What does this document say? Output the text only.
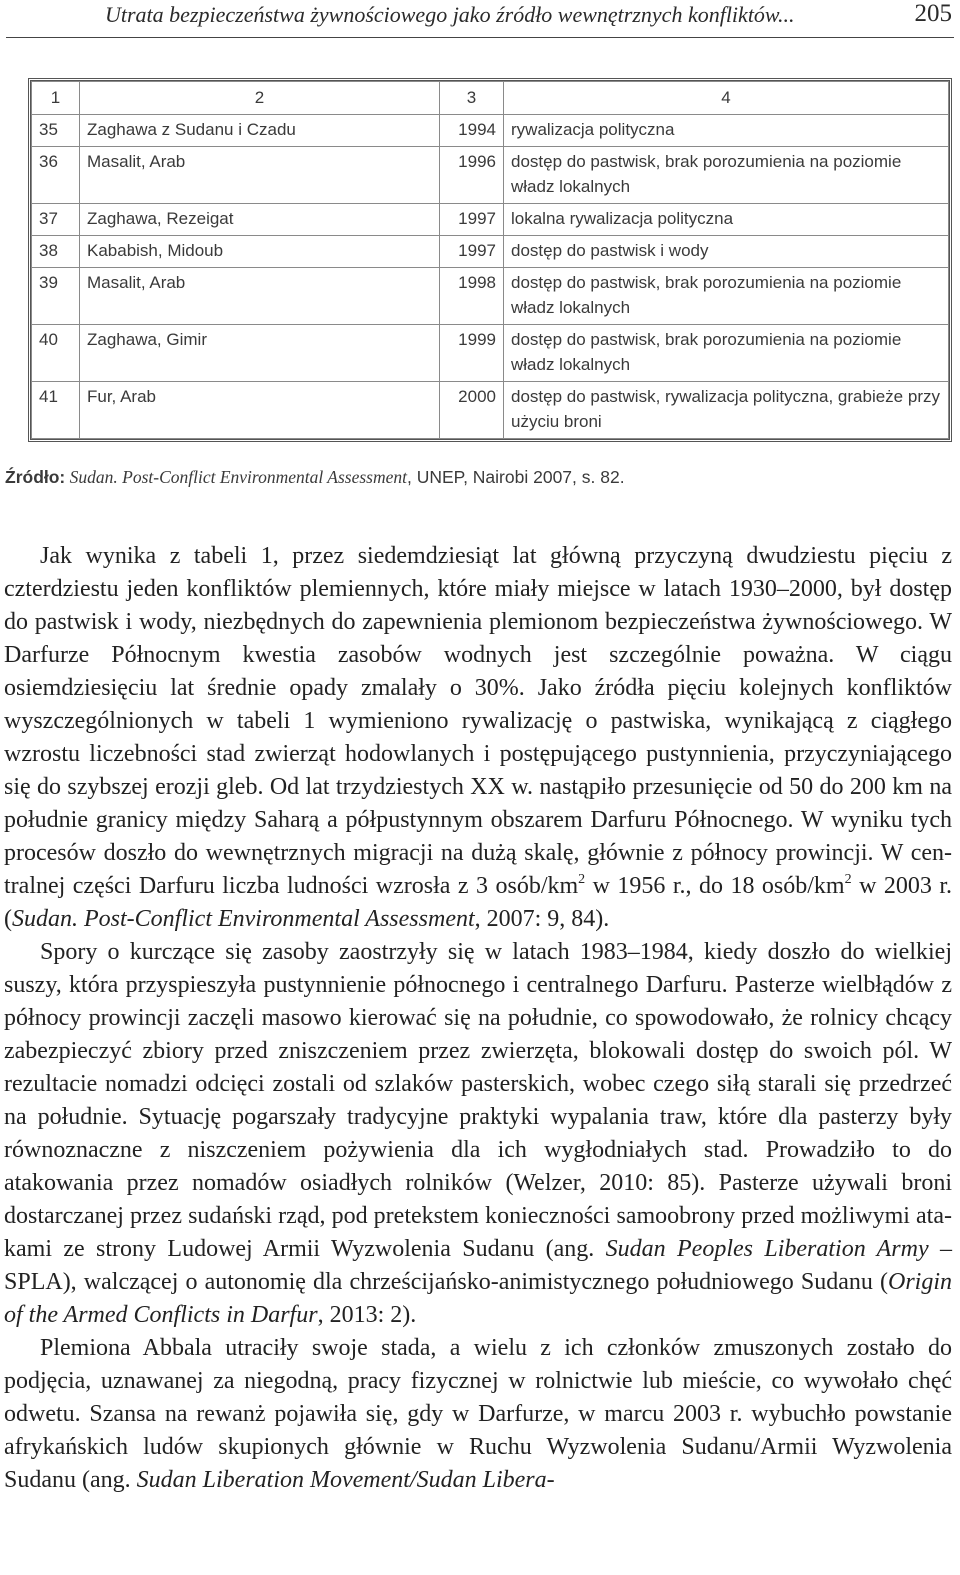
Utrata bezpieczeństwa żywnościowego jako źródło wewnętrznych konfliktów...	205
1	2	3	4
35	Zaghawa z Sudanu i Czadu	1994	rywalizacja polityczna
36	Masalit, Arab	1996	dostęp do pastwisk, brak porozumienia na poziomie władz lokalnych
37	Zaghawa, Rezeigat	1997	lokalna rywalizacja polityczna
38	Kababish, Midoub	1997	dostęp do pastwisk i wody
39	Masalit, Arab	1998	dostęp do pastwisk, brak porozumienia na poziomie władz lokalnych
40	Zaghawa, Gimir	1999	dostęp do pastwisk, brak porozumienia na poziomie władz lokalnych
41	Fur, Arab	2000	dostęp do pastwisk, rywalizacja polityczna, grabieże przy użyciu broni
Źródło: Sudan. Post-Conflict Environmental Assessment, UNEP, Nairobi 2007, s. 82.

Jak wynika z tabeli 1, przez siedemdziesiąt lat główną przyczyną dwudziestu pięciu z czterdziestu jeden konfliktów plemiennych, które miały miejsce w latach 1930–2000, był dostęp do pastwisk i wody, niezbędnych do zapewnienia plemionom bezpieczeństwa żywnościowego. W Darfurze Północnym kwestia zasobów wodnych jest szczególnie poważna. W ciągu osiemdziesięciu lat średnie opady zmalały o 30%. Jako źródła pięciu kolejnych konfliktów wyszczególnionych w tabeli 1 wymieniono rywalizację o pastwiska, wynikającą z ciągłego wzrostu liczebności stad zwierząt hodowlanych i postępującego pustynnienia, przyczyniającego się do szybszej erozji gleb. Od lat trzydziestych XX w. nastąpiło przesunięcie od 50 do 200 km na południe granicy między Saharą a półpustynnym obszarem Darfuru Północnego. W wyniku tych procesów doszło do wewnętrznych migracji na dużą skalę, głównie z północy prowincji. W centralnej części Darfuru liczba ludności wzrosła z 3 osób/$km^2$ w 1956 r., do 18 osób/$km^2$ w 2003 r. (Sudan. Post-Conflict Environmental Assessment, 2007: 9, 84).

Spory o kurczące się zasoby zaostrzyły się w latach 1983–1984, kiedy doszło do wielkiej suszy, która przyspieszyła pustynnienie północnego i centralnego Darfuru. Pasterze wielbłądów z północy prowincji zaczęli masowo kierować się na południe, co spowodowało, że rolnicy chcący zabezpieczyć zbiory przed zniszczeniem przez zwierzęta, blokowali dostęp do swoich pól. W rezultacie nomadzi odcięci zostali od szlaków pasterskich, wobec czego siłą starali się przedrzeć na południe. Sytuację pogarszały tradycyjne praktyki wypalania traw, które dla pasterzy były równoznaczne z niszczeniem pożywienia dla ich wygłodniałych stad. Prowadziło to do atakowania przez nomadów osiadłych rolników (Welzer, 2010: 85). Pasterze używali broni dostarczanej przez sudański rząd, pod pretekstem konieczności samoobrony przed możliwymi atakami ze strony Ludowej Armii Wyzwolenia Sudanu (ang. Sudan Peoples Liberation Army – SPLA), walczącej o autonomię dla chrześcijańsko-animistycznego południowego Sudanu (Origin of the Armed Conflicts in Darfur, 2013: 2).

Plemiona Abbala utraciły swoje stada, a wielu z ich członków zmuszonych zostało do podjęcia, uznawanej za niegodną, pracy fizycznej w rolnictwie lub mieście, co wywołało chęć odwetu. Szansa na rewanż pojawiła się, gdy w Darfurze, w marcu 2003 r. wybuchło powstanie afrykańskich ludów skupionych głównie w Ruchu Wyzwolenia Sudanu/Armii Wyzwolenia Sudanu (ang. Sudan Liberation Movement/Sudan Libera-
